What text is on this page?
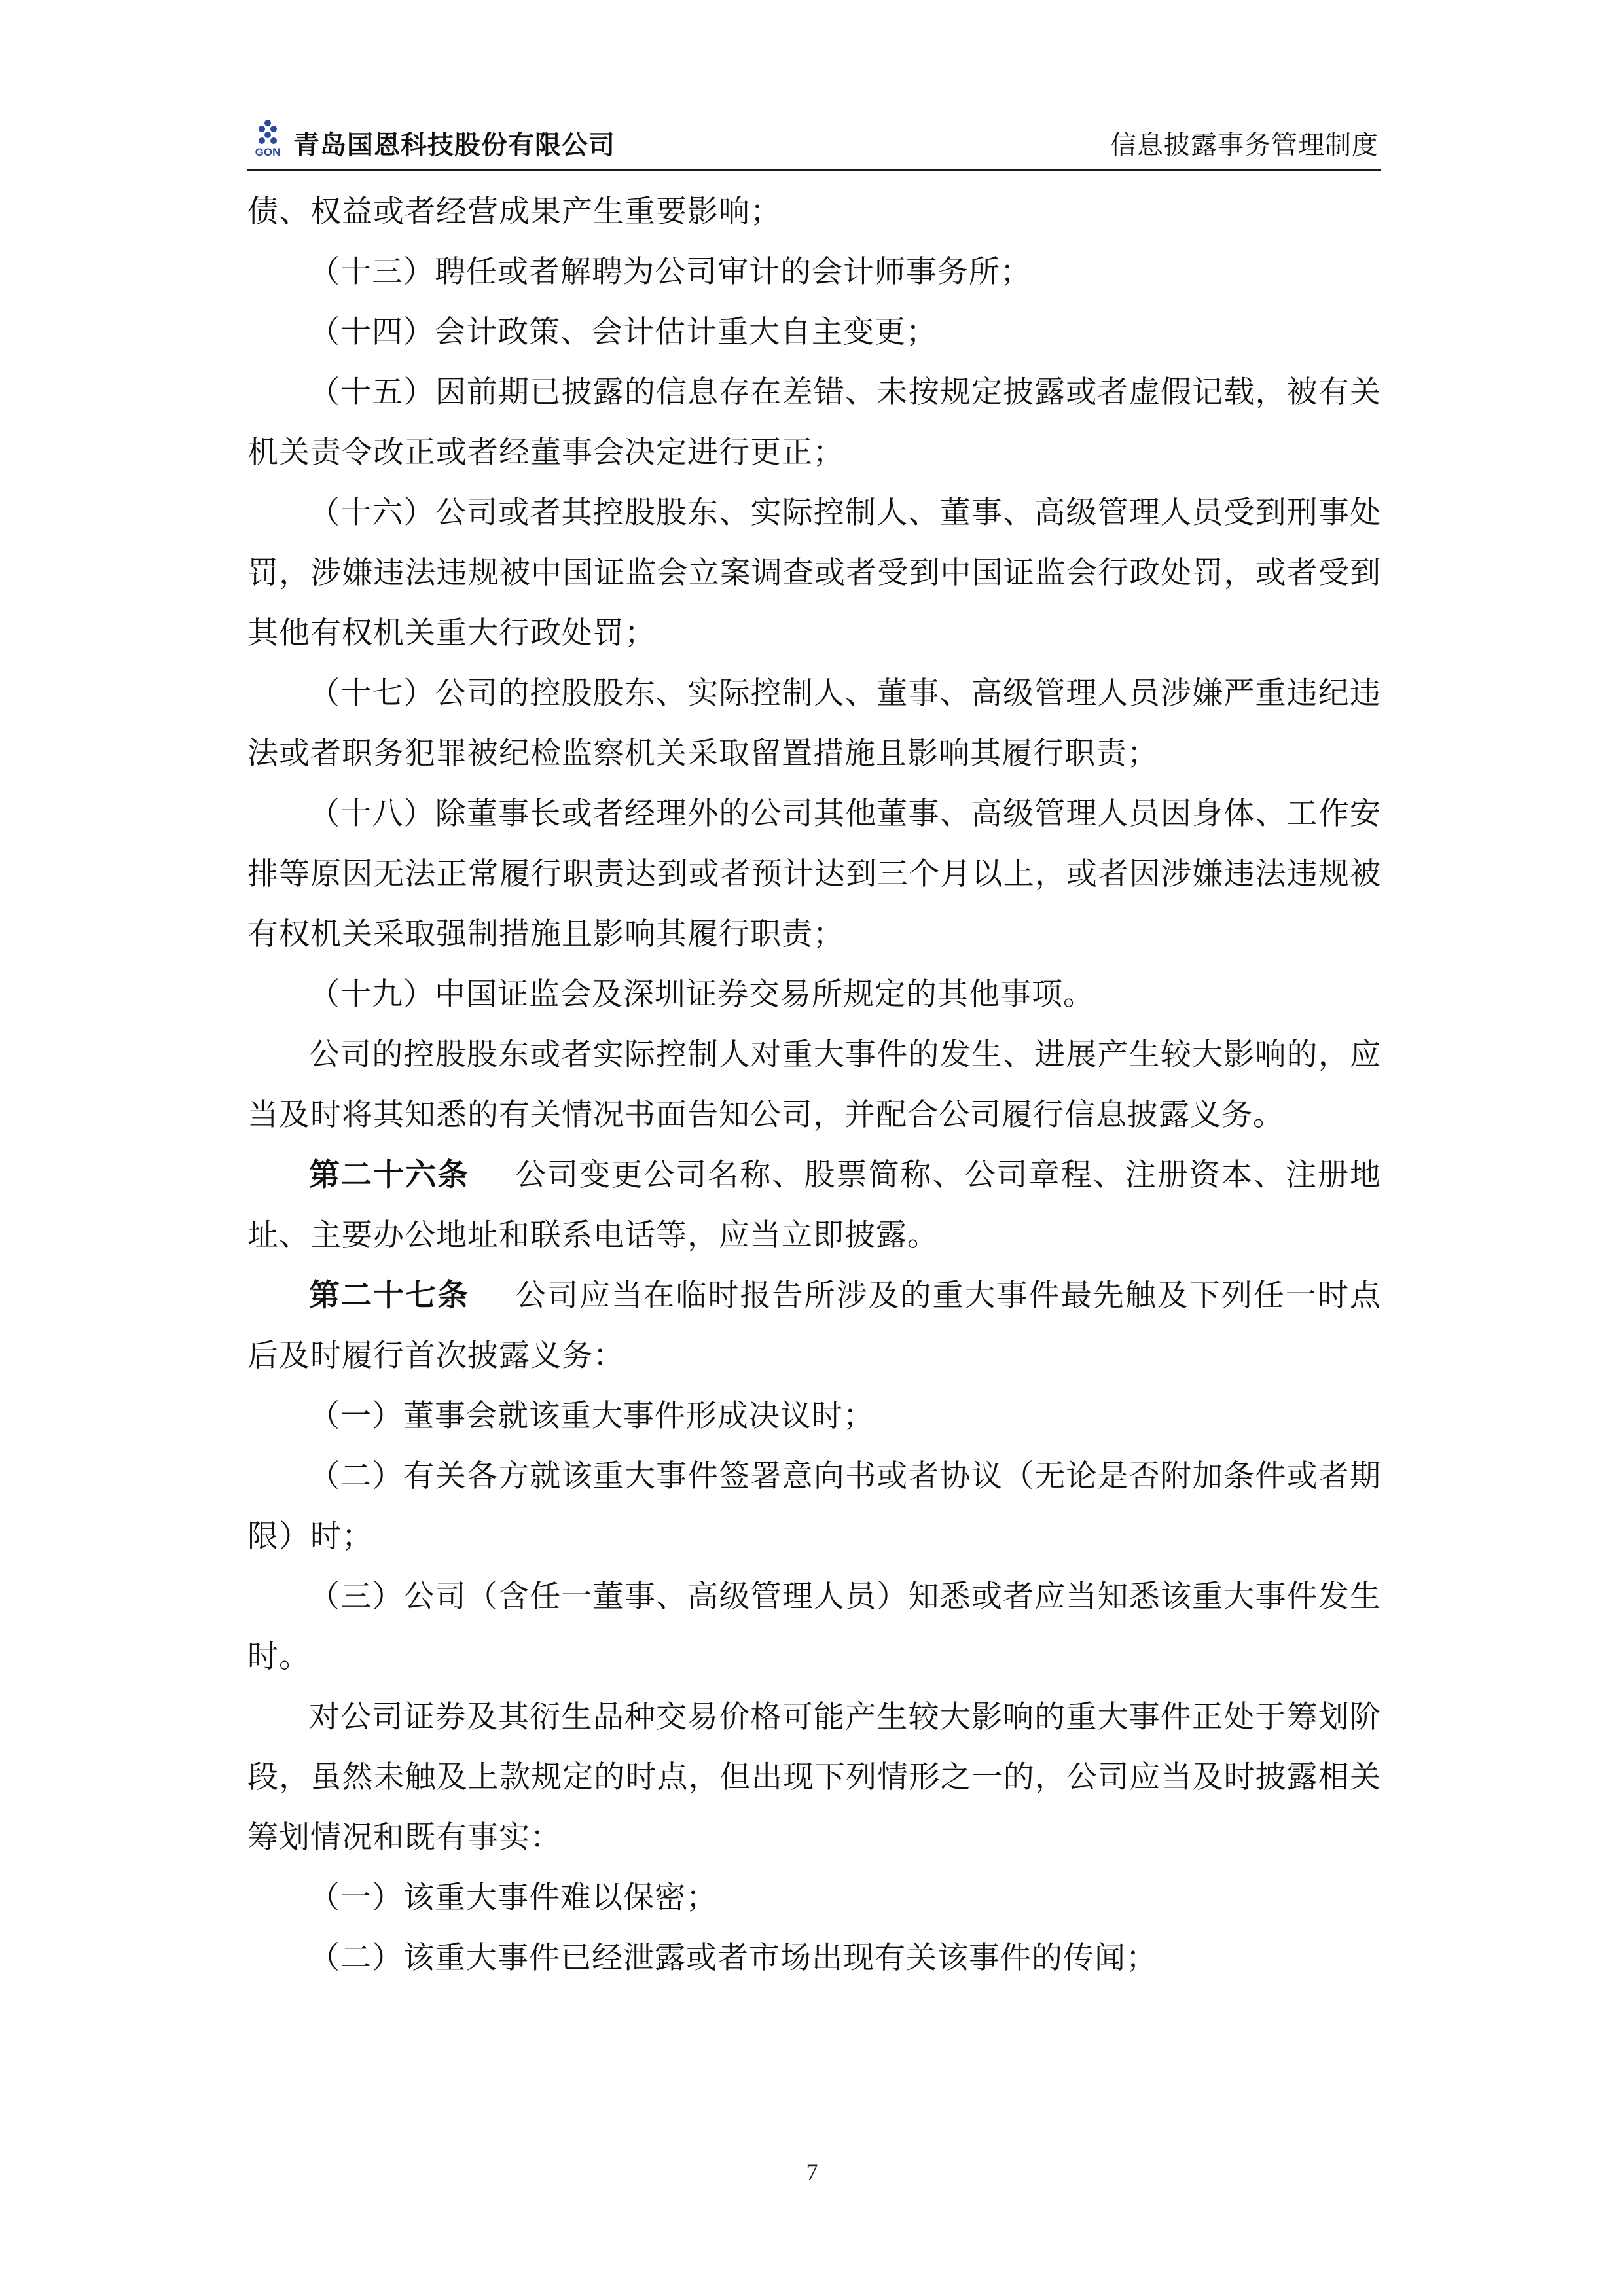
GON 青岛国恩科技股份有限公司	信息披露事务管理制度

债、权益或者经营成果产生重要影响；

（十三）聘任或者解聘为公司审计的会计师事务所；

（十四）会计政策、会计估计重大自主变更；

（十五）因前期已披露的信息存在差错、未按规定披露或者虚假记载，被有关机关责令改正或者经董事会决定进行更正；

（十六）公司或者其控股股东、实际控制人、董事、高级管理人员受到刑事处罚，涉嫌违法违规被中国证监会立案调查或者受到中国证监会行政处罚，或者受到其他有权机关重大行政处罚；

（十七）公司的控股股东、实际控制人、董事、高级管理人员涉嫌严重违纪违法或者职务犯罪被纪检监察机关采取留置措施且影响其履行职责；

（十八）除董事长或者经理外的公司其他董事、高级管理人员因身体、工作安排等原因无法正常履行职责达到或者预计达到三个月以上，或者因涉嫌违法违规被有权机关采取强制措施且影响其履行职责；

（十九）中国证监会及深圳证券交易所规定的其他事项。

公司的控股股东或者实际控制人对重大事件的发生、进展产生较大影响的，应当及时将其知悉的有关情况书面告知公司，并配合公司履行信息披露义务。

第二十六条 公司变更公司名称、股票简称、公司章程、注册资本、注册地址、主要办公地址和联系电话等，应当立即披露。

第二十七条 公司应当在临时报告所涉及的重大事件最先触及下列任一时点后及时履行首次披露义务：

（一）董事会就该重大事件形成决议时；

（二）有关各方就该重大事件签署意向书或者协议（无论是否附加条件或者期限）时；

（三）公司（含任一董事、高级管理人员）知悉或者应当知悉该重大事件发生时。

对公司证券及其衍生品种交易价格可能产生较大影响的重大事件正处于筹划阶段，虽然未触及上款规定的时点，但出现下列情形之一的，公司应当及时披露相关筹划情况和既有事实：

（一）该重大事件难以保密；

（二）该重大事件已经泄露或者市场出现有关该事件的传闻；

7
